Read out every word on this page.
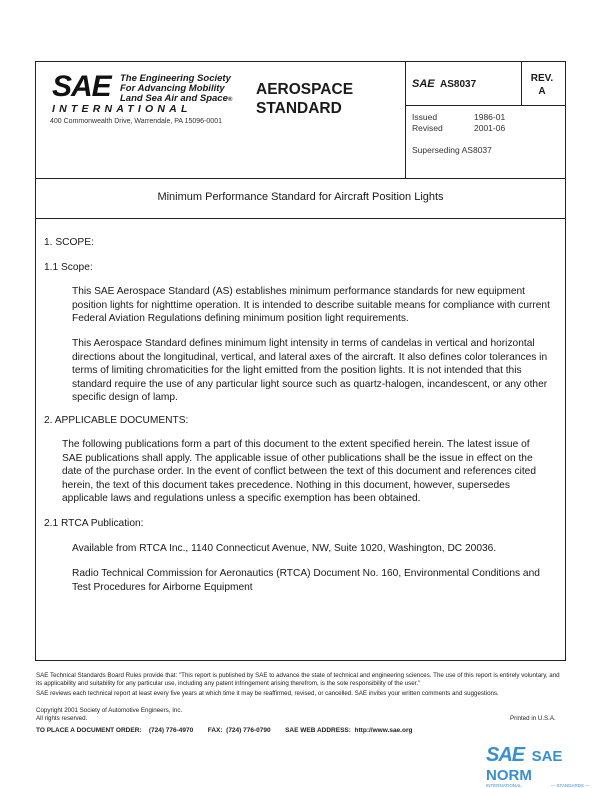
SAE The Engineering Society
For Advancing Mobility
Land Sea Air and Space®
INTERNATIONAL
400 Commonwealth Drive, Warrendale, PA 15096-0001
AEROSPACE
STANDARD
SAE AS8037
REV.
A
Issued	1986-01
Revised	2001-06
Superseding AS8037
Minimum Performance Standard for Aircraft Position Lights

1. SCOPE:

1.1 Scope:

This SAE Aerospace Standard (AS) establishes minimum performance standards for new equipment position lights for nighttime operation. It is intended to describe suitable means for compliance with current Federal Aviation Regulations defining minimum position light requirements.

This Aerospace Standard defines minimum light intensity in terms of candelas in vertical and horizontal directions about the longitudinal, vertical, and lateral axes of the aircraft. It also defines color tolerances in terms of limiting chromaticities for the light emitted from the position lights. It is not intended that this standard require the use of any particular light source such as quartz-halogen, incandescent, or any other specific design of lamp.

2. APPLICABLE DOCUMENTS:

The following publications form a part of this document to the extent specified herein. The latest issue of SAE publications shall apply. The applicable issue of other publications shall be the issue in effect on the date of the purchase order. In the event of conflict between the text of this document and references cited herein, the text of this document takes precedence. Nothing in this document, however, supersedes applicable laws and regulations unless a specific exemption has been obtained.

2.1 RTCA Publication:

Available from RTCA Inc., 1140 Connecticut Avenue, NW, Suite 1020, Washington, DC 20036.

Radio Technical Commission for Aeronautics (RTCA) Document No. 160, Environmental Conditions and Test Procedures for Airborne Equipment

SAE Technical Standards Board Rules provide that: "This report is published by SAE to advance the state of technical and engineering sciences. The use of this report is entirely voluntary, and its applicability and suitability for any particular use, including any patent infringement arising therefrom, is the sole responsibility of the user."
SAE reviews each technical report at least every five years at which time it may be reaffirmed, revised, or cancelled. SAE invites your written comments and suggestions.
Copyright 2001 Society of Automotive Engineers, Inc.
All rights reserved.	Printed in U.S.A.
TO PLACE A DOCUMENT ORDER: (724) 776-4970 FAX: (724) 776-0790 SAE WEB ADDRESS: http://www.sae.org
SAE SAE NORM
INTERNATIONAL	— STANDARDS —
